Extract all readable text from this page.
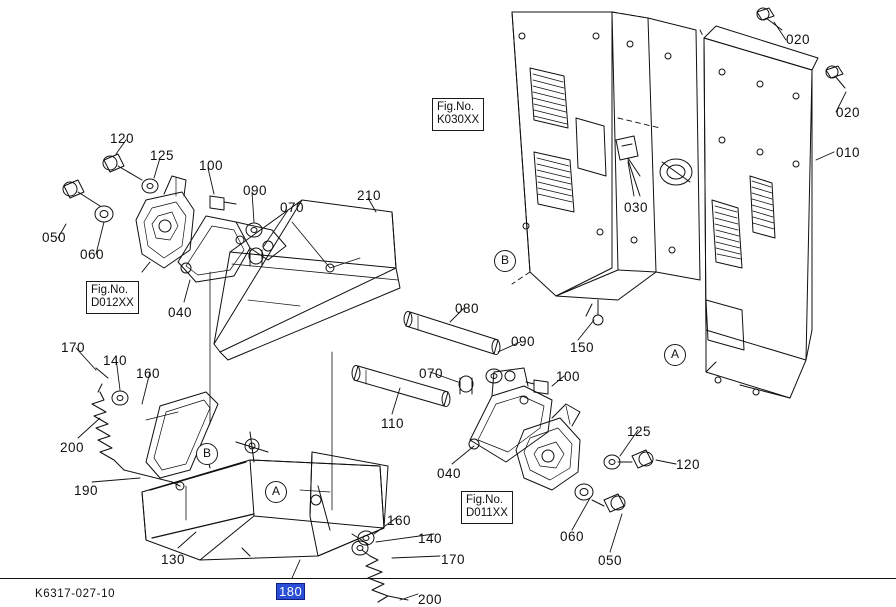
K6317-027-10
Fig.No.
K030XX
Fig.No.
D012XX
Fig.No.
D011XX
B
A
B
A
180
020
020
010
120
125
100
090
070
210
050
060
040
030
080
090	150
170
140
160	070	100
110
200
125
040
120
190
160
060
140
130	170	050
200
